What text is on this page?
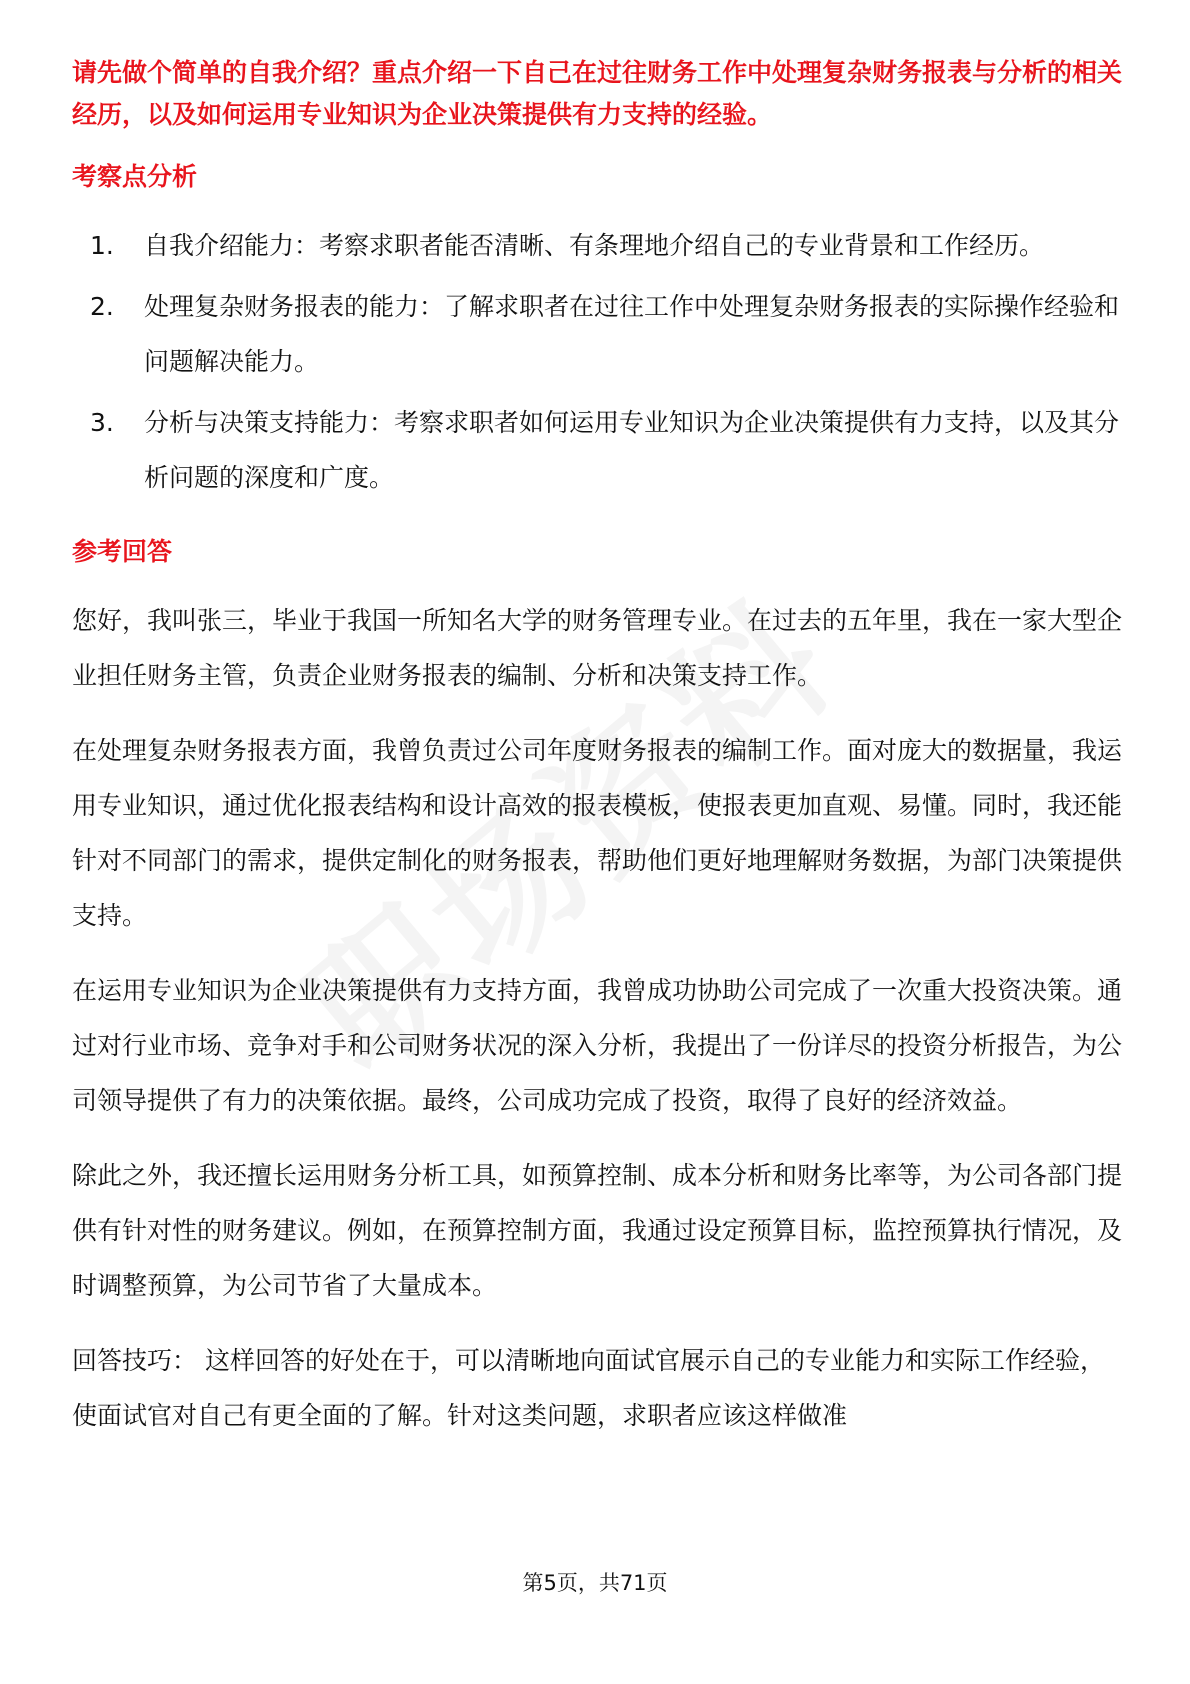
请先做个简单的自我介绍？重点介绍一下自己在过往财务工作中处理复杂财务报表与分析的相关经历，以及如何运用专业知识为企业决策提供有力支持的经验。

考察点分析

1.	自我介绍能力：考察求职者能否清晰、有条理地介绍自己的专业背景和工作经历。
2.	处理复杂财务报表的能力：了解求职者在过往工作中处理复杂财务报表的实际操作经验和问题解决能力。
3.	分析与决策支持能力：考察求职者如何运用专业知识为企业决策提供有力支持，以及其分析问题的深度和广度。

参考回答

您好，我叫张三，毕业于我国一所知名大学的财务管理专业。在过去的五年里，我在一家大型企业担任财务主管，负责企业财务报表的编制、分析和决策支持工作。

在处理复杂财务报表方面，我曾负责过公司年度财务报表的编制工作。面对庞大的数据量，我运用专业知识，通过优化报表结构和设计高效的报表模板，使报表更加直观、易懂。同时，我还能针对不同部门的需求，提供定制化的财务报表，帮助他们更好地理解财务数据，为部门决策提供支持。

在运用专业知识为企业决策提供有力支持方面，我曾成功协助公司完成了一次重大投资决策。通过对行业市场、竞争对手和公司财务状况的深入分析，我提出了一份详尽的投资分析报告，为公司领导提供了有力的决策依据。最终，公司成功完成了投资，取得了良好的经济效益。

除此之外，我还擅长运用财务分析工具，如预算控制、成本分析和财务比率等，为公司各部门提供有针对性的财务建议。例如，在预算控制方面，我通过设定预算目标，监控预算执行情况，及时调整预算，为公司节省了大量成本。

回答技巧： 这样回答的好处在于，可以清晰地向面试官展示自己的专业能力和实际工作经验，使面试官对自己有更全面的了解。针对这类问题，求职者应该这样做准

第5页，共71页
